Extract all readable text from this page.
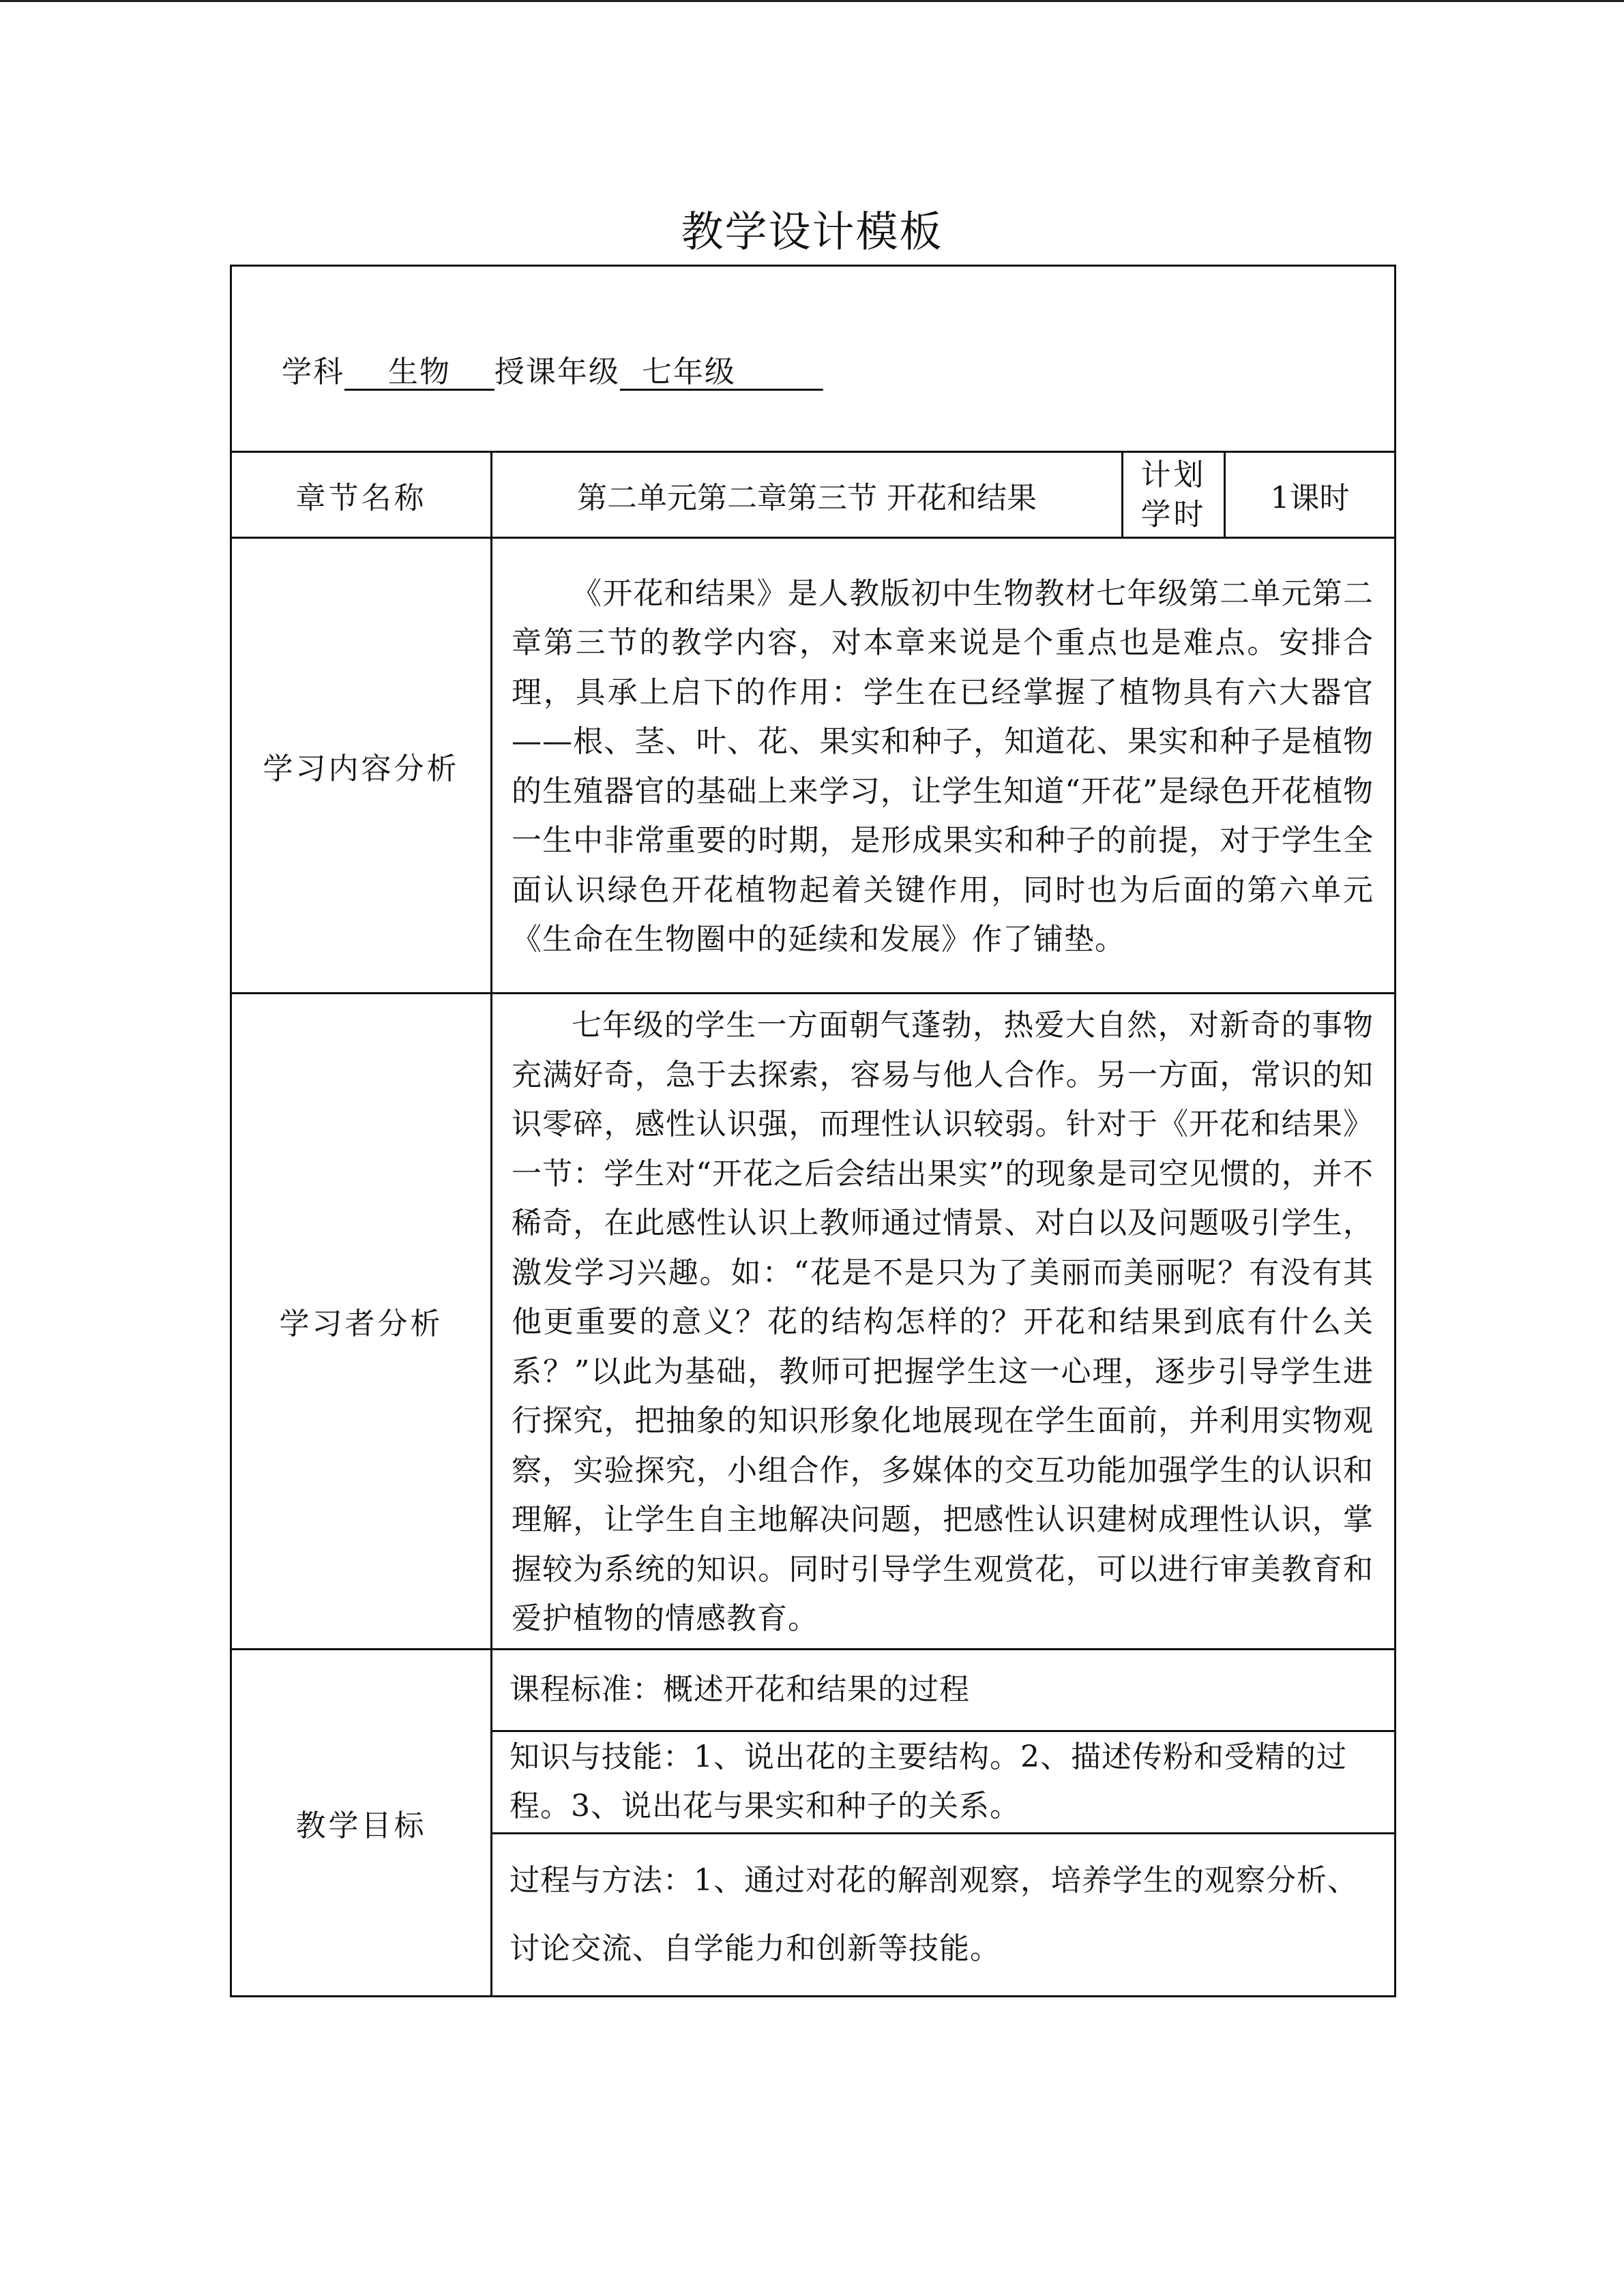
教学设计模板
学科 生物 授课年级 七年级			
章节名称	第二单元第二章第三节 开花和结果	计划学时	1课时
学习内容分析	《开花和结果》是人教版初中生物教材七年级第二单元第二章第三节的教学内容，对本章来说是个重点也是难点。安排合理，具承上启下的作用：学生在已经掌握了植物具有六大器官——根、茎、叶、花、果实和种子，知道花、果实和种子是植物的生殖器官的基础上来学习，让学生知道“开花”是绿色开花植物一生中非常重要的时期，是形成果实和种子的前提，对于学生全面认识绿色开花植物起着关键作用，同时也为后面的第六单元《生命在生物圈中的延续和发展》作了铺垫。		
学习者分析	七年级的学生一方面朝气蓬勃，热爱大自然，对新奇的事物充满好奇，急于去探索，容易与他人合作。另一方面，常识的知识零碎，感性认识强，而理性认识较弱。针对于《开花和结果》一节：学生对“开花之后会结出果实”的现象是司空见惯的，并不稀奇，在此感性认识上教师通过情景、对白以及问题吸引学生，激发学习兴趣。如：“花是不是只为了美丽而美丽呢？有没有其他更重要的意义？花的结构怎样的？开花和结果到底有什么关系？”以此为基础，教师可把握学生这一心理，逐步引导学生进行探究，把抽象的知识形象化地展现在学生面前，并利用实物观察，实验探究，小组合作，多媒体的交互功能加强学生的认识和理解，让学生自主地解决问题，把感性认识建树成理性认识，掌握较为系统的知识。同时引导学生观赏花，可以进行审美教育和爱护植物的情感教育。		
教学目标	课程标准：概述开花和结果的过程		
	知识与技能：1、说出花的主要结构。2、描述传粉和受精的过程。3、说出花与果实和种子的关系。		
	过程与方法：1、通过对花的解剖观察，培养学生的观察分析、讨论交流、自学能力和创新等技能。		
